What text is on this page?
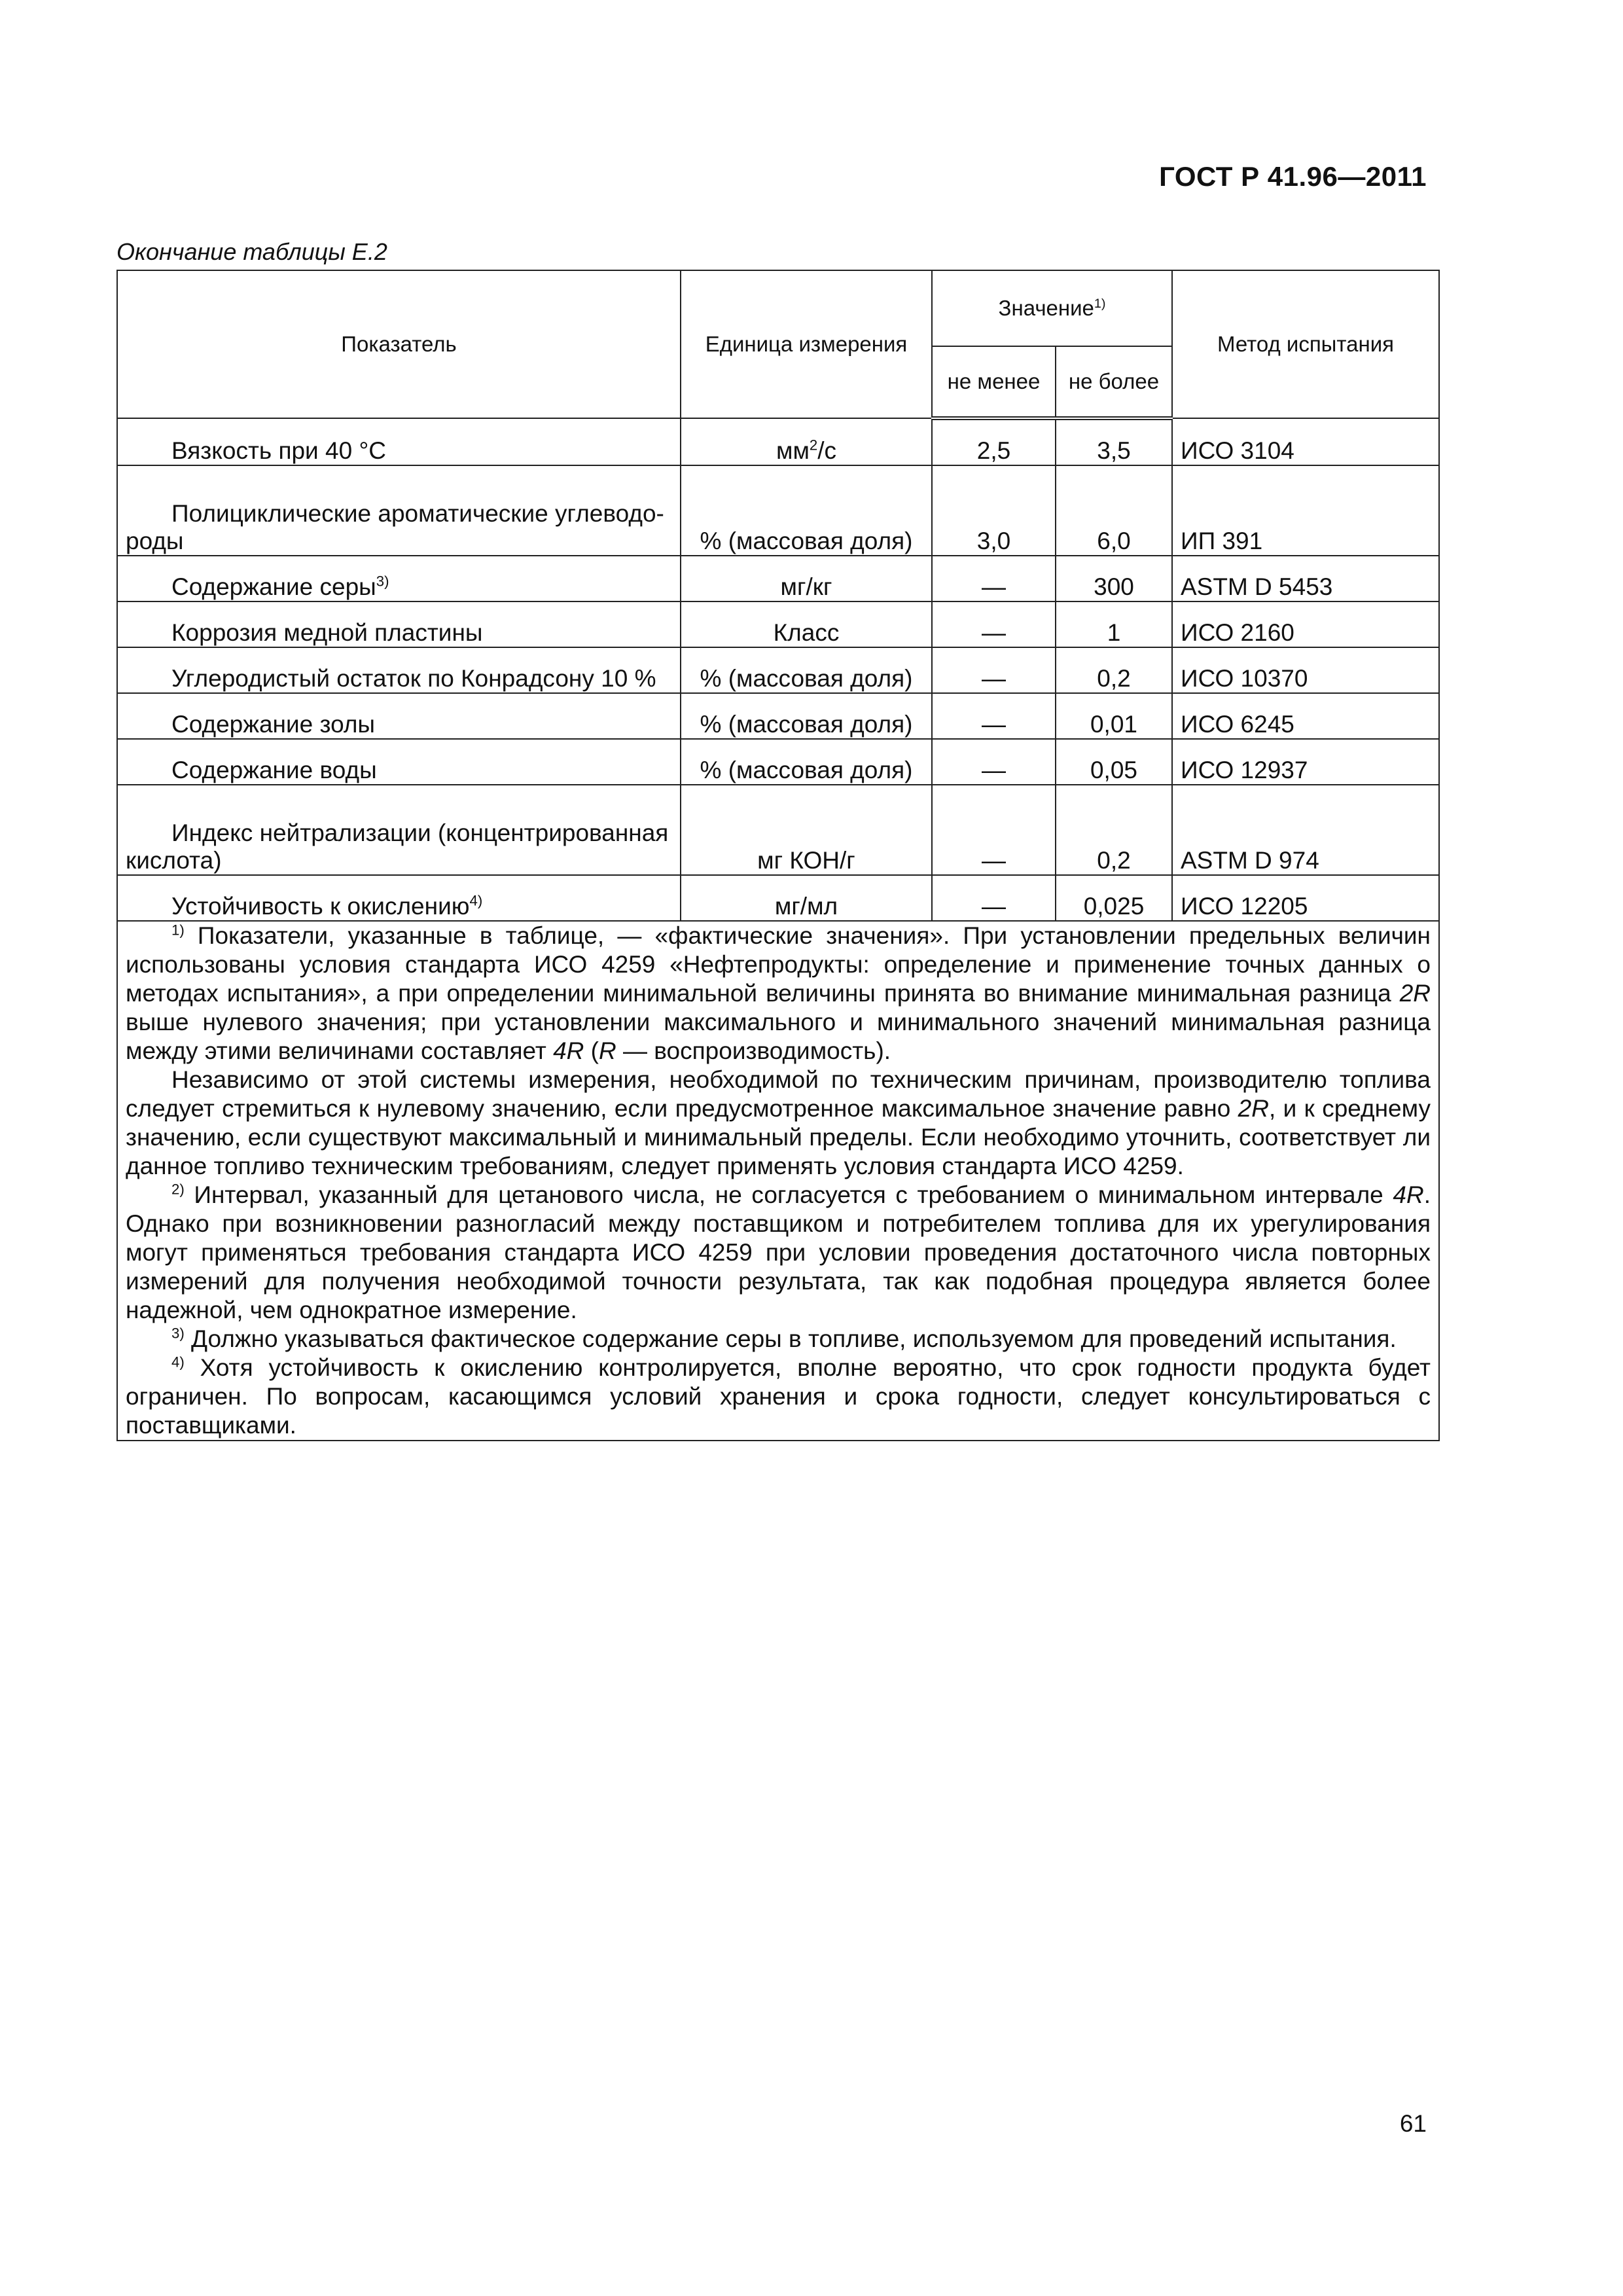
ГОСТ Р 41.96—2011
Окончание таблицы Е.2
Показатель	Единица измерения	Значение$^{1)}$		Метод испытания
		не менее	не более	
Вязкость при 40 °С	$мм^2/с$	2,5	3,5	ИСО 3104
Полициклические ароматические углеводо-
роды	% (массовая доля)	3,0	6,0	ИП 391
Содержание серы$^{3)}$	мг/кг	—	300	ASTM D 5453
Коррозия медной пластины	Класс	—	1	ИСО 2160
Углеродистый остаток по Конрадсону 10 %	% (массовая доля)	—	0,2	ИСО 10370
Содержание золы	% (массовая доля)	—	0,01	ИСО 6245
Содержание воды	% (массовая доля)	—	0,05	ИСО 12937
Индекс нейтрализации (концентрированная
кислота)	мг КОН/г	—	0,2	ASTM D 974
Устойчивость к окислению$^{4)}$	мг/мл	—	0,025	ИСО 12205

$^{1)}$ Показатели, указанные в таблице, — «фактические значения». При установлении предельных величин использованы условия стандарта ИСО 4259 «Нефтепродукты: определение и применение точных данных о методах испытания», а при определении минимальной величины принята во внимание минимальная разница 2R выше нулевого значения; при установлении максимального и минимального значений минимальная разница между этими величинами составляет 4R (R — воспроизводимость).

Независимо от этой системы измерения, необходимой по техническим причинам, производителю топлива следует стремиться к нулевому значению, если предусмотренное максимальное значение равно 2R, и к среднему значению, если существуют максимальный и минимальный пределы. Если необходимо уточнить, соответствует ли данное топливо техническим требованиям, следует применять условия стандарта ИСО 4259.

$^{2)}$ Интервал, указанный для цетанового числа, не согласуется с требованием о минимальном интервале 4R. Однако при возникновении разногласий между поставщиком и потребителем топлива для их урегулирования могут применяться требования стандарта ИСО 4259 при условии проведения достаточного числа повторных измерений для получения необходимой точности результата, так как подобная процедура является более надежной, чем однократное измерение.

$^{3)}$ Должно указываться фактическое содержание серы в топливе, используемом для проведений испытания.

$^{4)}$ Хотя устойчивость к окислению контролируется, вполне вероятно, что срок годности продукта будет ограничен. По вопросам, касающимся условий хранения и срока годности, следует консультироваться с поставщиками.				

61
